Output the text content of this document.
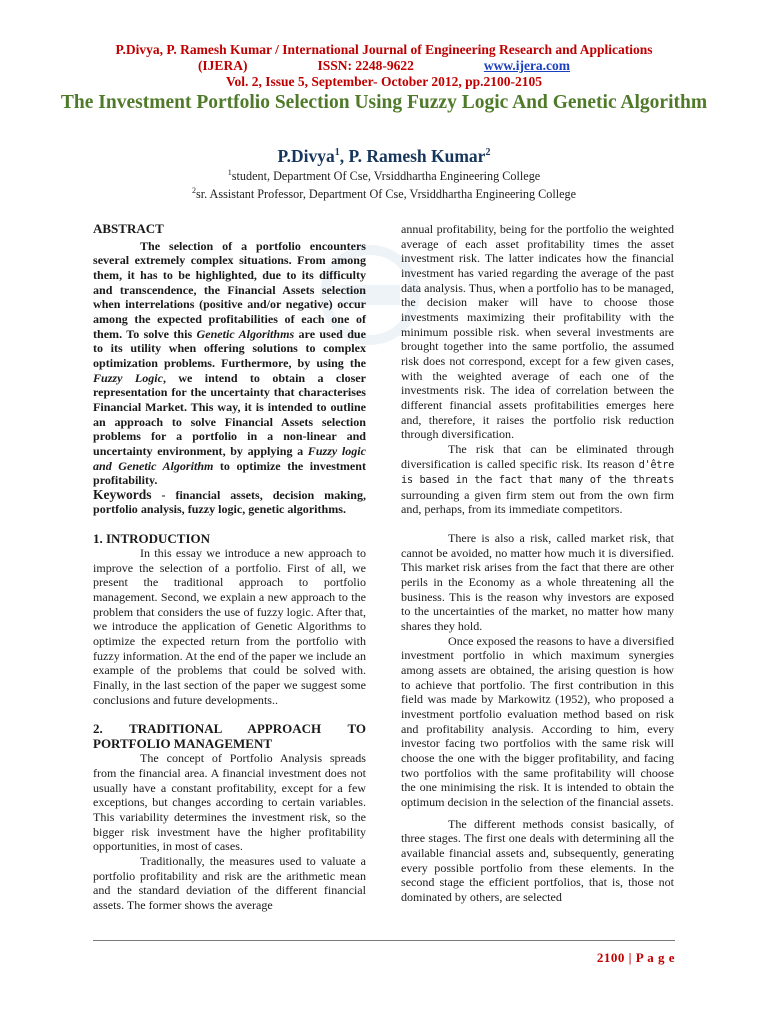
P.Divya, P. Ramesh Kumar / International Journal of Engineering Research and Applications
(IJERA)	ISSN: 2248-9622	www.ijera.com
Vol. 2, Issue 5, September- October 2012, pp.2100-2105
The Investment Portfolio Selection Using Fuzzy Logic And Genetic Algorithm
P.Divya$^1$, P. Ramesh Kumar$^2$
$^1$student, Department Of Cse, Vrsiddhartha Engineering College
$^2$sr. Assistant Professor, Department Of Cse, Vrsiddhartha Engineering College
ABSTRACT

The selection of a portfolio encounters several extremely complex situations. From among them, it has to be highlighted, due to its difficulty and transcendence, the Financial Assets selection when interrelations (positive and/or negative) occur among the expected profitabilities of each one of them. To solve this Genetic Algorithms are used due to its utility when offering solutions to complex optimization problems. Furthermore, by using the Fuzzy Logic, we intend to obtain a closer representation for the uncertainty that characterises Financial Market. This way, it is intended to outline an approach to solve Financial Assets selection problems for a portfolio in a non-linear and uncertainty environment, by applying a Fuzzy logic and Genetic Algorithm to optimize the investment profitability.

Keywords - financial assets, decision making, portfolio analysis, fuzzy logic, genetic algorithms.

1. INTRODUCTION

In this essay we introduce a new approach to improve the selection of a portfolio. First of all, we present the traditional approach to portfolio management. Second, we explain a new approach to the problem that considers the use of fuzzy logic. After that, we introduce the application of Genetic Algorithms to optimize the expected return from the portfolio with fuzzy information. At the end of the paper we include an example of the problems that could be solved with. Finally, in the last section of the paper we suggest some conclusions and future developments..

2. TRADITIONAL APPROACH TO
PORTFOLIO MANAGEMENT

The concept of Portfolio Analysis spreads from the financial area. A financial investment does not usually have a constant profitability, except for a few exceptions, but changes according to certain variables. This variability determines the investment risk, so the bigger risk investment have the higher profitability opportunities, in most of cases.

Traditionally, the measures used to valuate a portfolio profitability and risk are the arithmetic mean and the standard deviation of the different financial assets. The former shows the average

annual profitability, being for the portfolio the weighted average of each asset profitability times the asset investment risk. The latter indicates how the financial investment has varied regarding the average of the past data analysis. Thus, when a portfolio has to be managed, the decision maker will have to choose those investments maximizing their profitability with the minimum possible risk. when several investments are brought together into the same portfolio, the assumed risk does not correspond, except for a few given cases, with the weighted average of each one of the investments risk. The idea of correlation between the different financial assets profitabilities emerges here and, therefore, it raises the portfolio risk reduction through diversification.

The risk that can be eliminated through diversification is called specific risk. Its reason d'être is based in the fact that many of the threats surrounding a given firm stem out from the own firm and, perhaps, from its immediate competitors.

There is also a risk, called market risk, that cannot be avoided, no matter how much it is diversified. This market risk arises from the fact that there are other perils in the Economy as a whole threatening all the business. This is the reason why investors are exposed to the uncertainties of the market, no matter how many shares they hold.

Once exposed the reasons to have a diversified investment portfolio in which maximum synergies among assets are obtained, the arising question is how to achieve that portfolio. The first contribution in this field was made by Markowitz (1952), who proposed a investment portfolio evaluation method based on risk and profitability analysis. According to him, every investor facing two portfolios with the same risk will choose the one with the bigger profitability, and facing two portfolios with the same profitability will choose the one minimising the risk. It is intended to obtain the optimum decision in the selection of the financial assets.

The different methods consist basically, of three stages. The first one deals with determining all the available financial assets and, subsequently, generating every possible portfolio from these elements. In the second stage the efficient portfolios, that is, those not dominated by others, are selected

2100 | P a g e
